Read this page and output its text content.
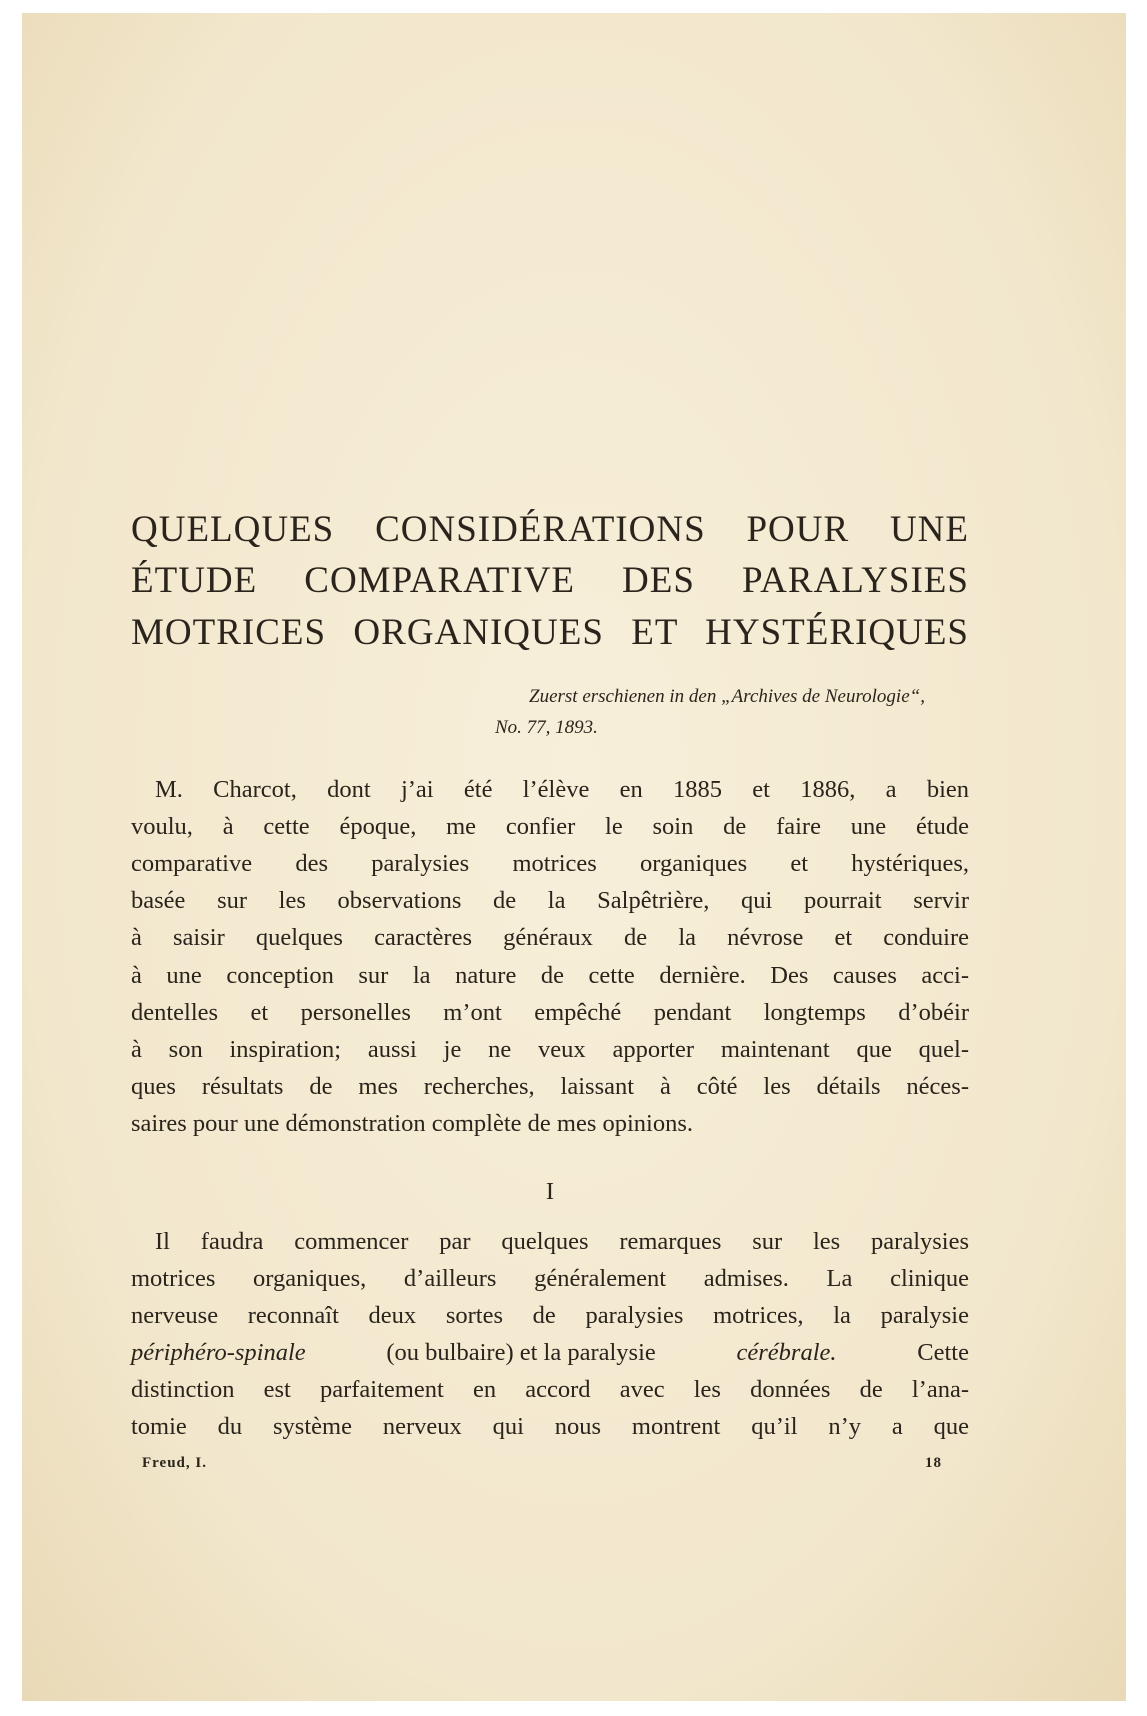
QUELQUES CONSIDÉRATIONS POUR UNE
ÉTUDE COMPARATIVE DES PARALYSIES
MOTRICES ORGANIQUES ET HYSTÉRIQUES
Zuerst erschienen in den „Archives de Neurologie“,
No. 77, 1893.
M. Charcot, dont j’ai été l’élève en 1885 et 1886, a bien
voulu, à cette époque, me confier le soin de faire une étude
comparative des paralysies motrices organiques et hystériques,
basée sur les observations de la Salpêtrière, qui pourrait servir
à saisir quelques caractères généraux de la névrose et conduire
à une conception sur la nature de cette dernière. Des causes acci-
dentelles et personelles m’ont empêché pendant longtemps d’obéir
à son inspiration; aussi je ne veux apporter maintenant que quel-
ques résultats de mes recherches, laissant à côté les détails néces-
saires pour une démonstration complète de mes opinions.
I
Il faudra commencer par quelques remarques sur les paralysies
motrices organiques, d’ailleurs généralement admises. La clinique
nerveuse reconnaît deux sortes de paralysies motrices, la paralysie
périphéro-spinale	(ou bulbaire) et la paralysie	cérébrale.	Cette
distinction est parfaitement en accord avec les données de l’ana-
tomie du système nerveux qui nous montrent qu’il n’y a que
Freud, I.	18
